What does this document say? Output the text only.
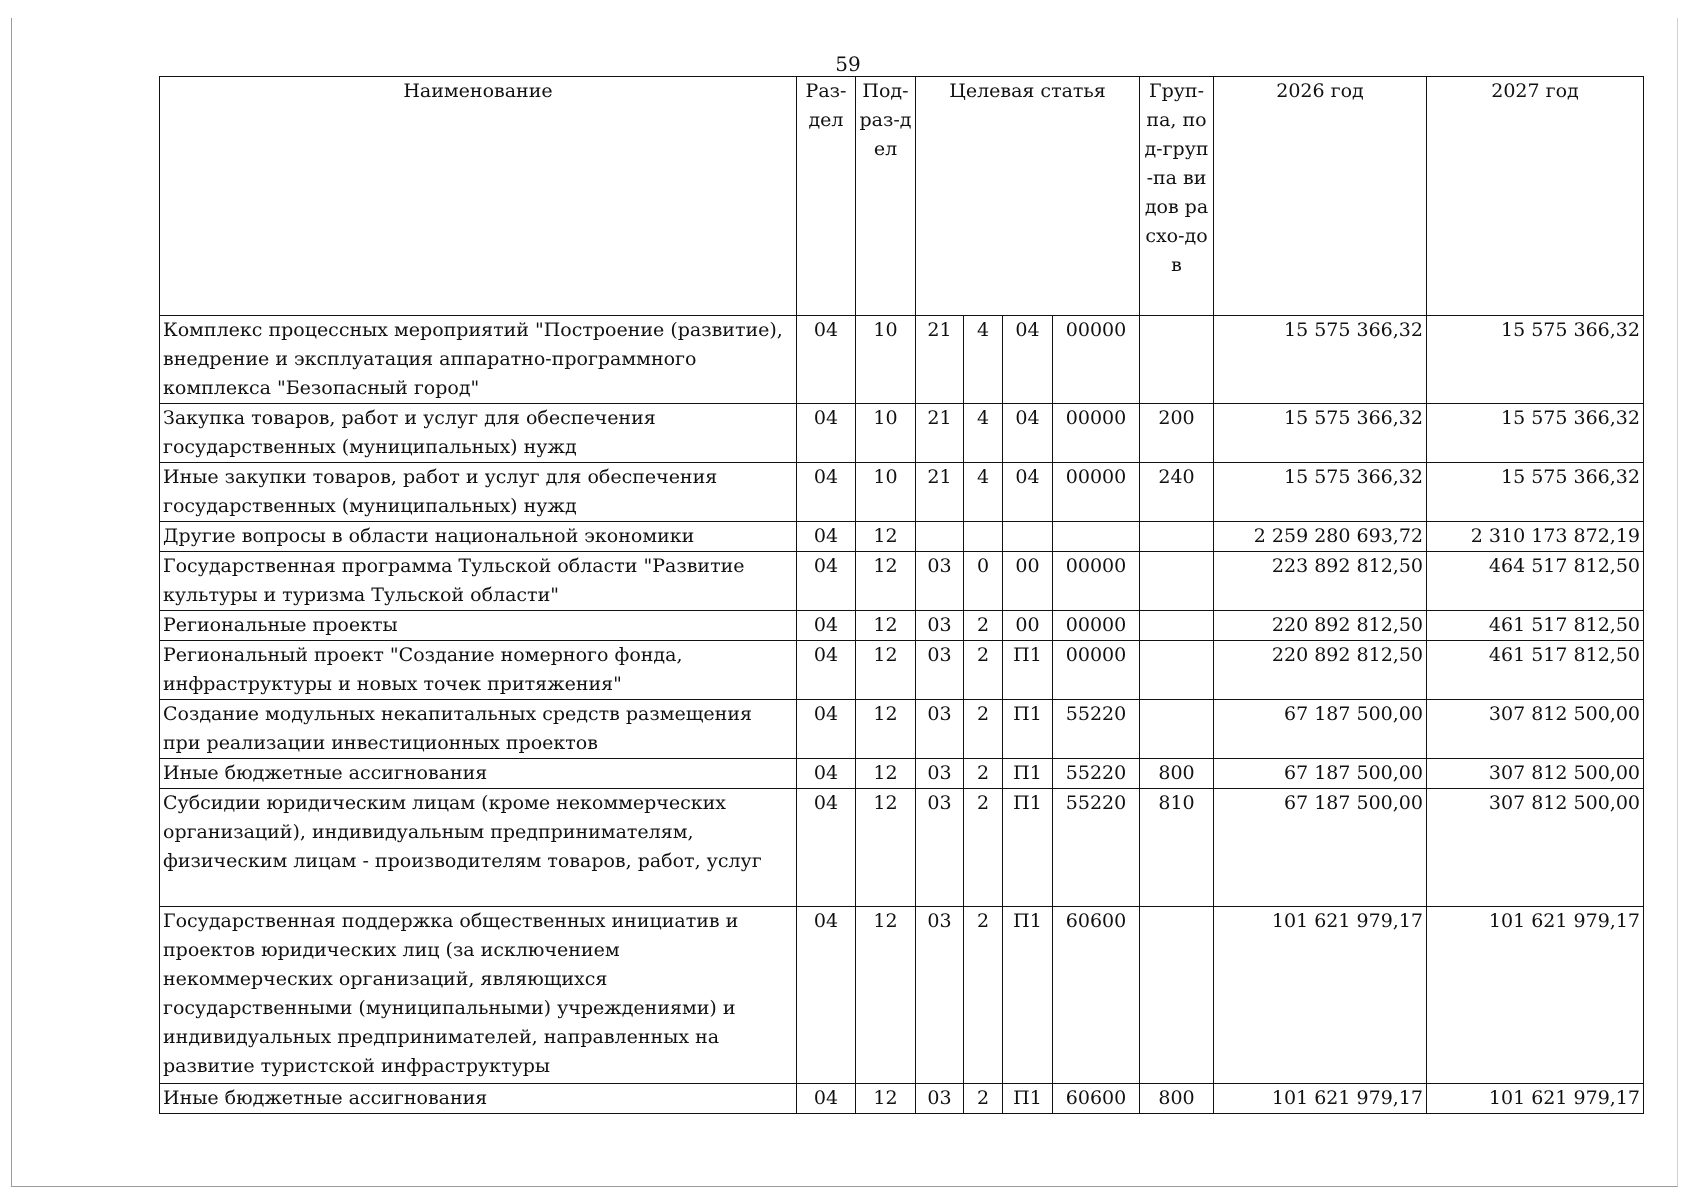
59
Наименование	Раз-дел	Под-раз-дел	Целевая статья				Груп-па, под-груп-па видов расхо-дов	2026 год	2027 год
Комплекс процессных мероприятий "Построение (развитие), внедрение и эксплуатация аппаратно-программного комплекса "Безопасный город"	04	10	21	4	04	00000		15 575 366,32	15 575 366,32
Закупка товаров, работ и услуг для обеспечения государственных (муниципальных) нужд	04	10	21	4	04	00000	200	15 575 366,32	15 575 366,32
Иные закупки товаров, работ и услуг для обеспечения государственных (муниципальных) нужд	04	10	21	4	04	00000	240	15 575 366,32	15 575 366,32
Другие вопросы в области национальной экономики	04	12						2 259 280 693,72	2 310 173 872,19
Государственная программа Тульской области "Развитие культуры и туризма Тульской области"	04	12	03	0	00	00000		223 892 812,50	464 517 812,50
Региональные проекты	04	12	03	2	00	00000		220 892 812,50	461 517 812,50
Региональный проект "Создание номерного фонда, инфраструктуры и новых точек притяжения"	04	12	03	2	П1	00000		220 892 812,50	461 517 812,50
Создание модульных некапитальных средств размещения при реализации инвестиционных проектов	04	12	03	2	П1	55220		67 187 500,00	307 812 500,00
Иные бюджетные ассигнования	04	12	03	2	П1	55220	800	67 187 500,00	307 812 500,00
Субсидии юридическим лицам (кроме некоммерческих организаций), индивидуальным предпринимателям, физическим лицам - производителям товаров, работ, услуг	04	12	03	2	П1	55220	810	67 187 500,00	307 812 500,00
Государственная поддержка общественных инициатив и проектов юридических лиц (за исключением некоммерческих организаций, являющихся государственными (муниципальными) учреждениями) и индивидуальных предпринимателей, направленных на развитие туристской инфраструктуры	04	12	03	2	П1	60600		101 621 979,17	101 621 979,17
Иные бюджетные ассигнования	04	12	03	2	П1	60600	800	101 621 979,17	101 621 979,17
